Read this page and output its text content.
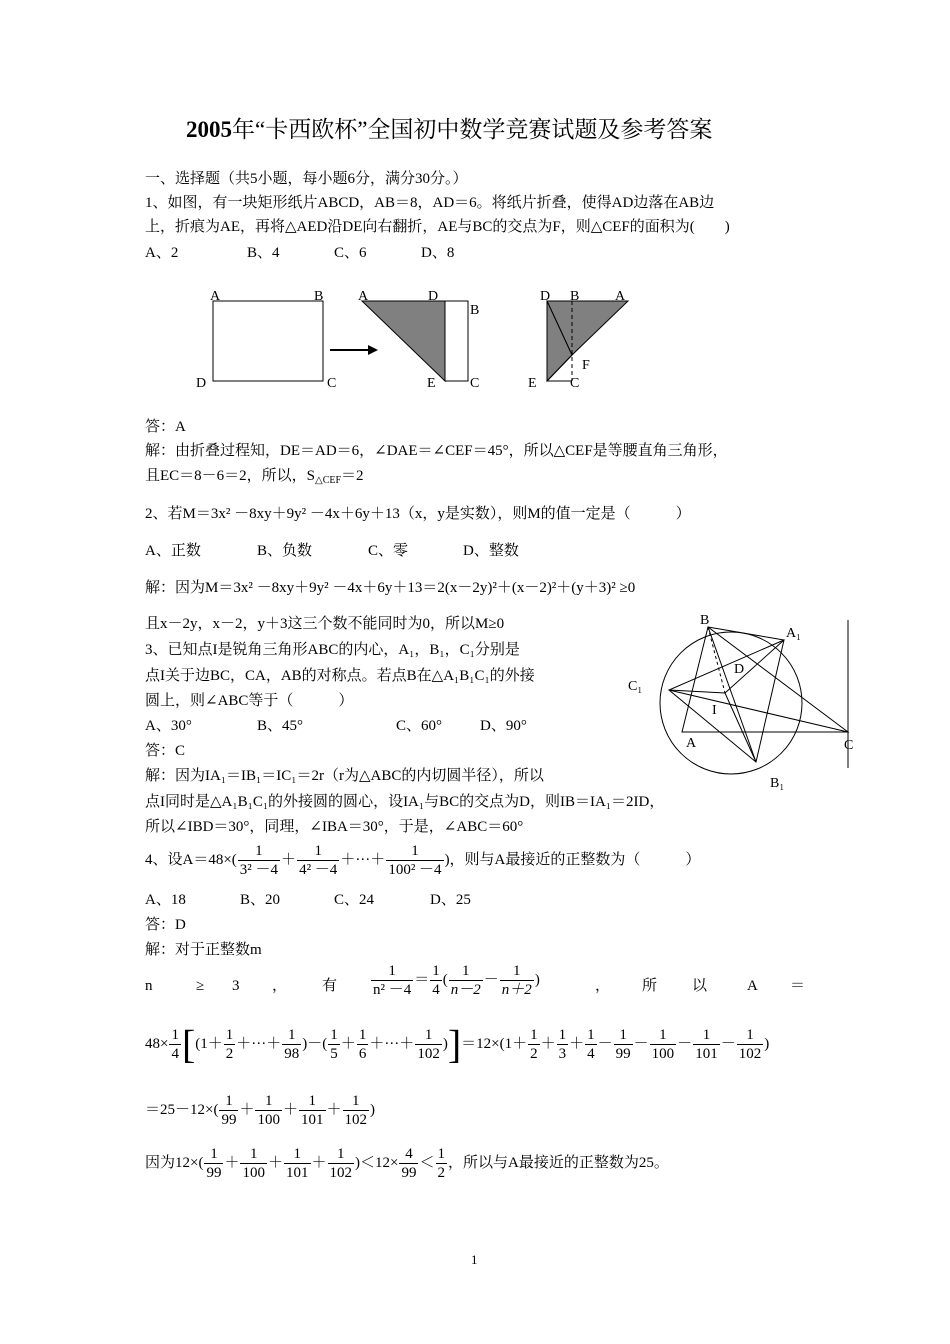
2005年“卡西欧杯”全国初中数学竞赛试题及参考答案
一、选择题（共5小题，每小题6分，满分30分。）
1、如图，有一块矩形纸片ABCD，AB＝8，AD＝6。将纸片折叠，使得AD边落在AB边
上，折痕为AE，再将△AED沿DE向右翻折，AE与BC的交点为F，则△CEF的面积为(　　)
A、2	B、4	C、6	D、8
A	B
D	C
A	D
B
E C
D B	A
F
E C
答：A
解：由折叠过程知，DE＝AD＝6，∠DAE＝∠CEF＝45°，所以△CEF是等腰直角三角形，
且EC＝8－6＝2，所以，$S_{\triangle CEF}=2$
2、若M＝3x² －8xy＋9y² －4x＋6y＋13（x，y是实数），则M的值一定是（　　　）
A、正数	B、负数	C、零	D、整数
解：因为M＝3x² －8xy＋9y² －4x＋6y＋13＝2(x－2y)²＋(x－2)²＋(y＋3)² ≥0
且x－2y，x－2，y＋3这三个数不能同时为0，所以M≥0
3、已知点I是锐角三角形ABC的内心，A₁，B₁，C₁分别是
点I关于边BC，CA，AB的对称点。若点B在△A₁B₁C₁的外接
圆上，则∠ABC等于（　　　）
A、30°	B、45°	C、60°	D、90°
答：C
解：因为IA₁＝IB₁＝IC₁＝2r（r为△ABC的内切圆半径），所以
点I同时是△A₁B₁C₁的外接圆的圆心，设IA₁与BC的交点为D，则IB＝IA₁＝2ID，
所以∠IBD＝30°，同理，∠IBA＝30°，于是，∠ABC＝60°
B
A₁
D
C₁
I
A	C
B₁
4、设$A=48\times( \frac{1}{\text{3² －4}} + \frac{1}{\text{4² －4}}$ ＋···＋ $\frac{1}{\text{100² －4}}$ )，则与A最接近的正整数为（　　　）
A、18	B、20	C、24	D、25
答：D
解：对于正整数m
n	≥ 3 ， 有 $\frac{1}{\text{n² －4}} = \frac{1}{4}$ ( $\frac{1}{n-2} - \frac{1}{n+2}$ )	， 所 以	A ＝
$48\times \frac{1}{4} [(1+ \frac{1}{2}$ ＋···＋ $\frac{1}{98}$ )－( $\frac{1}{5} + \frac{1}{6}$ ＋···＋ $\frac{1}{102} )]=12\times(1+ \frac{1}{2} + \frac{1}{3} + \frac{1}{4} - \frac{1}{99} - \frac{1}{100} - \frac{1}{101} - \frac{1}{102}$ )
$=25-12\times( \frac{1}{99} + \frac{1}{100} + \frac{1}{101} + \frac{1}{102}$ )
因为$12\times( \frac{1}{99} + \frac{1}{100} + \frac{1}{101} + \frac{1}{102} )<12\times \frac{4}{99} < \frac{1}{2}$ ，所以与A最接近的正整数为25。
1
